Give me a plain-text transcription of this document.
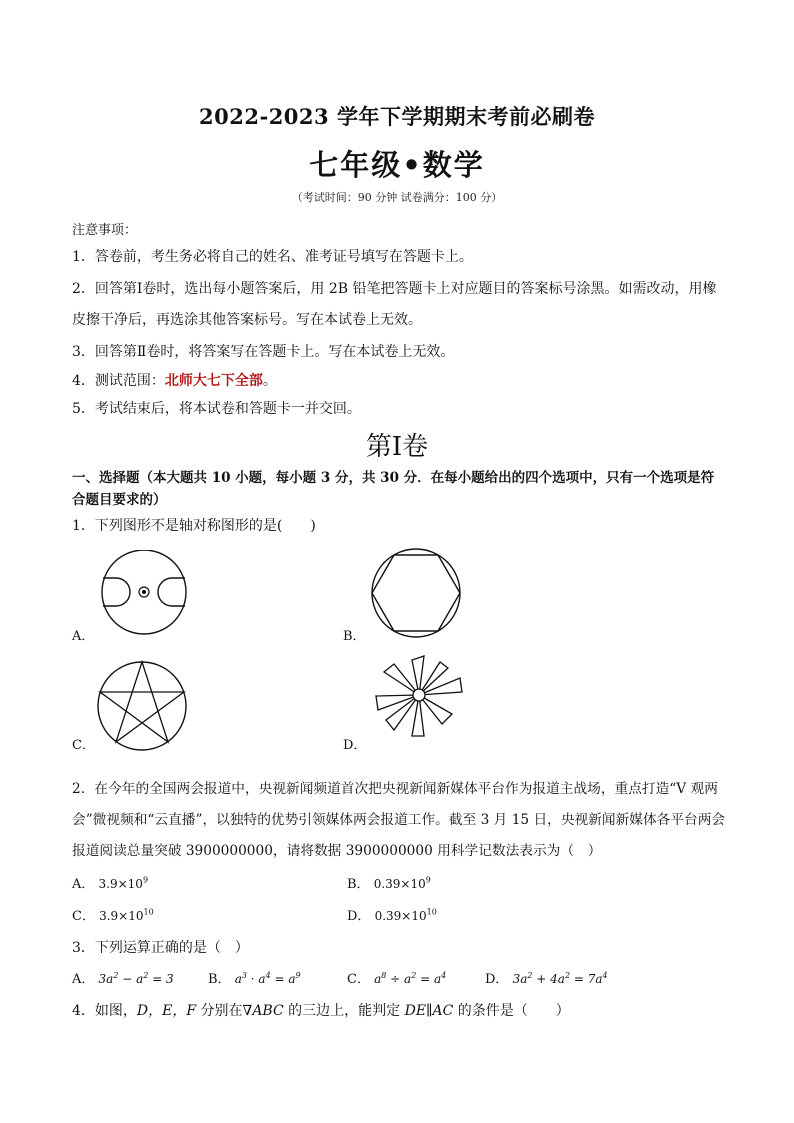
2022-2023 学年下学期期末考前必刷卷
七年级•数学
（考试时间：90 分钟 试卷满分：100 分）
注意事项：
1．答卷前，考生务必将自己的姓名、准考证号填写在答题卡上。
2．回答第Ⅰ卷时，选出每小题答案后，用 2B 铅笔把答题卡上对应题目的答案标号涂黑。如需改动，用橡
皮擦干净后，再选涂其他答案标号。写在本试卷上无效。
3．回答第Ⅱ卷时，将答案写在答题卡上。写在本试卷上无效。
4．测试范围：北师大七下全部。
5．考试结束后，将本试卷和答题卡一并交回。
第Ⅰ卷
一、选择题（本大题共 10 小题，每小题 3 分，共 30 分．在每小题给出的四个选项中，只有一个选项是符
合题目要求的）
1．下列图形不是轴对称图形的是(　　)
A．	B．
C．	D．
2．在今年的全国两会报道中，央视新闻频道首次把央视新闻新媒体平台作为报道主战场，重点打造“V 观两
会”微视频和“云直播”，以独特的优势引领媒体两会报道工作。截至 3 月 15 日，央视新闻新媒体各平台两会
报道阅读总量突破 3900000000，请将数据 3900000000 用科学记数法表示为（　）
A． $3.9\times 10^9$	B． $0.39\times 10^9$
C． $3.9\times 10^{10}$	D． $0.39\times 10^{10}$
3．下列运算正确的是（　）
A． $3a^2 - a^2 = 3$	B． $a^3 \cdot a^4 = a^9$	C． $a^8 \div a^2 = a^4$	D． $3a^2 + 4a^2 = 7a^4$
4．如图，D，E，F 分别在∇ABC 的三边上，能判定 DE∥AC 的条件是（　　）
